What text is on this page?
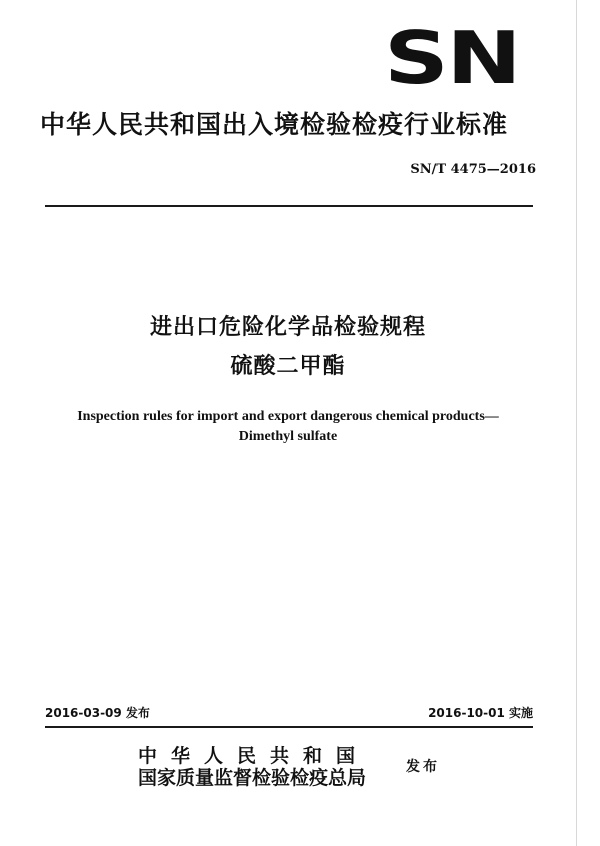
SN
中华人民共和国出入境检验检疫行业标准
SN/T 4475—2016
进出口危险化学品检验规程
硫酸二甲酯
Inspection rules for import and export dangerous chemical products—
Dimethyl sulfate
2016-03-09 发布	2016-10-01 实施
中华人民共和国
国家质量监督检验检疫总局	发布
